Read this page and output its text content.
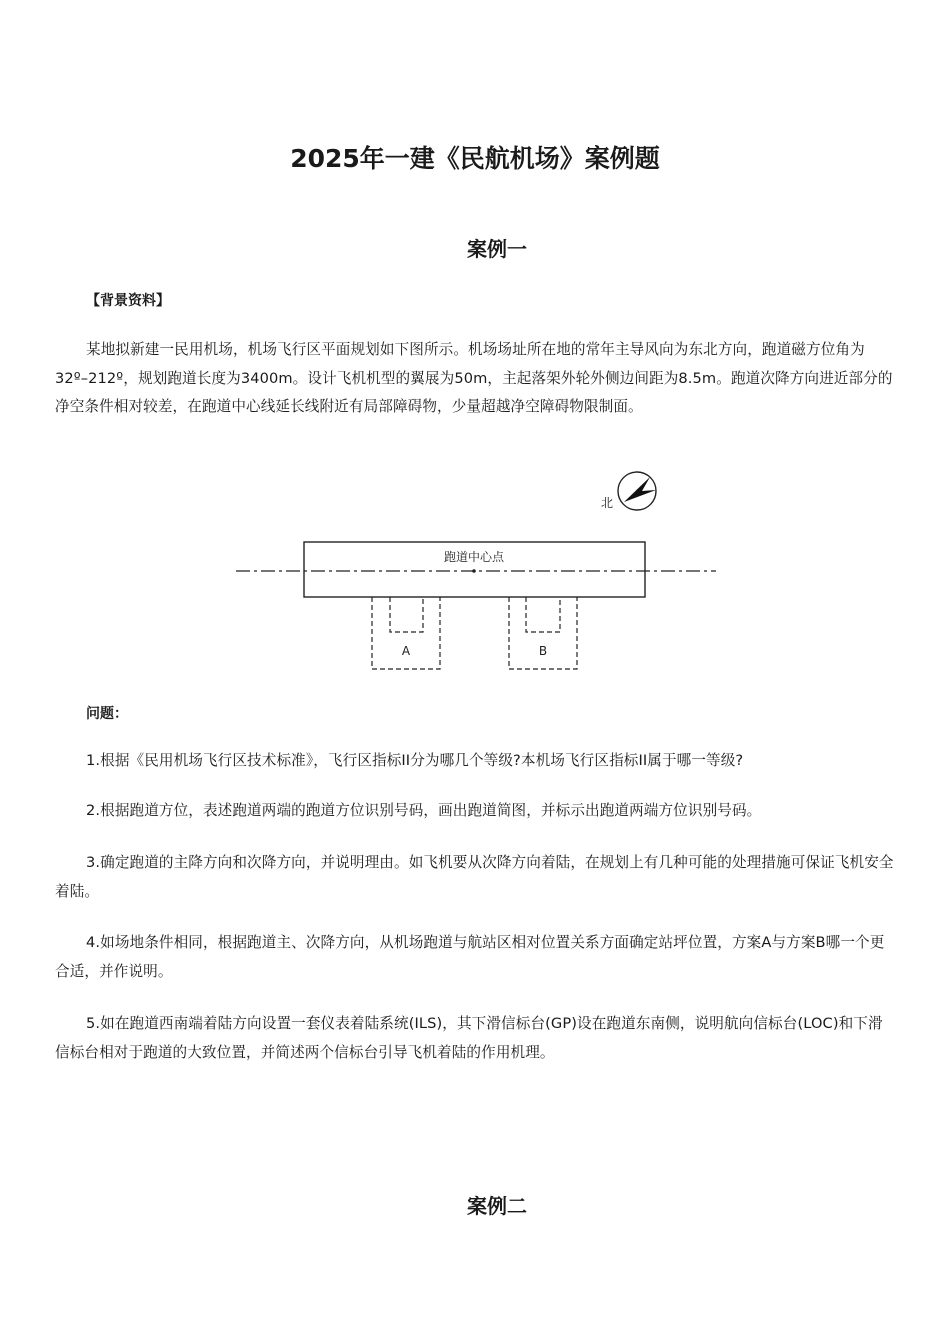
2025年一建《民航机场》案例题
案例一

【背景资料】

某地拟新建一民用机场，机场飞行区平面规划如下图所示。机场场址所在地的常年主导风向为东北方向，跑道磁方位角为32º–212º，规划跑道长度为3400m。设计飞机机型的翼展为50m，主起落架外轮外侧边间距为8.5m。跑道次降方向进近部分的净空条件相对较差，在跑道中心线延长线附近有局部障碍物，少量超越净空障碍物限制面。

北
跑道中心点
A	B

问题：

1.根据《民用机场飞行区技术标准》，飞行区指标II分为哪几个等级?本机场飞行区指标II属于哪一等级?

2.根据跑道方位，表述跑道两端的跑道方位识别号码，画出跑道简图，并标示出跑道两端方位识别号码。

3.确定跑道的主降方向和次降方向，并说明理由。如飞机要从次降方向着陆，在规划上有几种可能的处理措施可保证飞机安全着陆。

4.如场地条件相同，根据跑道主、次降方向，从机场跑道与航站区相对位置关系方面确定站坪位置，方案A与方案B哪一个更合适，并作说明。

5.如在跑道西南端着陆方向设置一套仪表着陆系统(ILS)，其下滑信标台(GP)设在跑道东南侧，说明航向信标台(LOC)和下滑信标台相对于跑道的大致位置，并简述两个信标台引导飞机着陆的作用机理。

案例二
